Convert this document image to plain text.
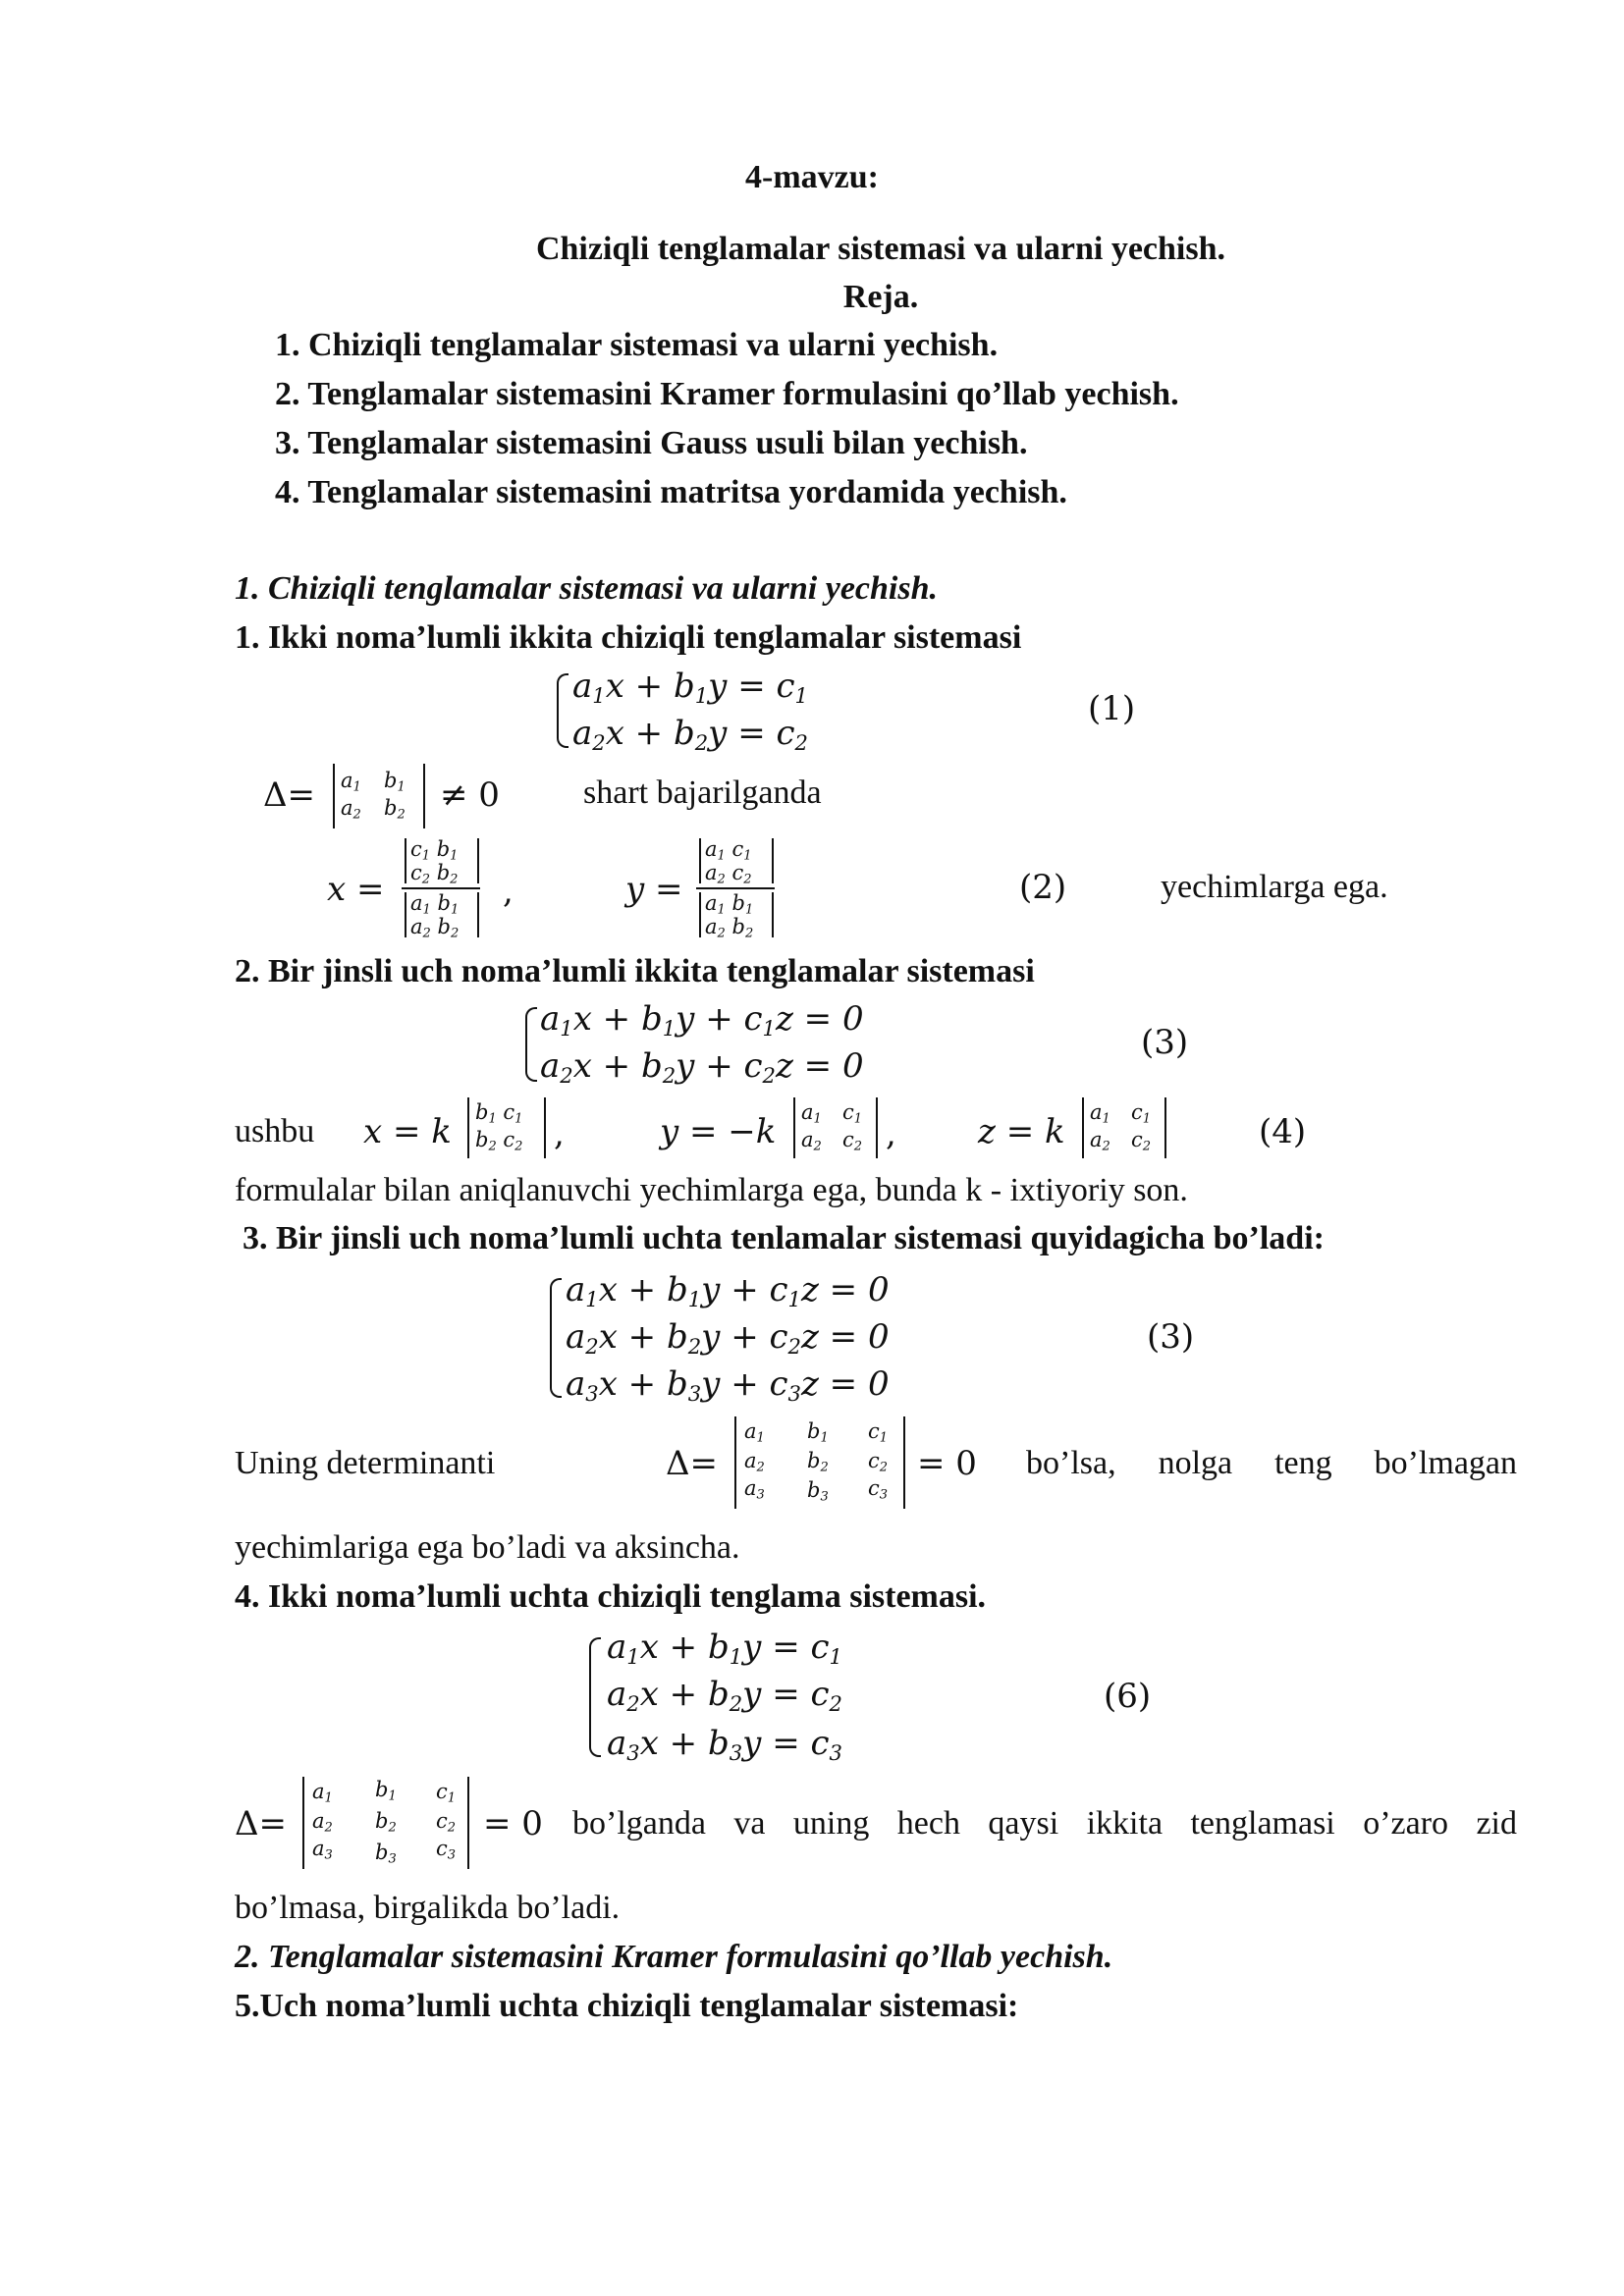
4-mavzu:
Chiziqli tenglamalar sistemasi va ularni yechish.
Reja.
1. Chiziqli tenglamalar sistemasi va ularni yechish.
2. Tenglamalar sistemasini Kramer formulasini qo’llab yechish.
3. Tenglamalar sistemasini Gauss usuli bilan yechish.
4. Tenglamalar sistemasini matritsa yordamida yechish.
1. Chiziqli tenglamalar sistemasi va ularni yechish.
1. Ikki noma’lumli ikkita chiziqli tenglamalar sistemasi
$a_1x + b_1y = c_1$
$a_2x + b_2y = c_2$
(1)
$\Delta= a_1$ $b_1$
$a_2$ $b_2$
≠ 0	shart bajarilganda
x =
$c_1$ $b_1$
$c_2$ $b_2$
$a_1$ $b_1$
$a_2$ $b_2$
,	y =
$a_1$ $c_1$
$a_2$ $c_2$
$a_1$ $b_1$
$a_2$ $b_2$
(2)	yechimlarga ega.
2. Bir jinsli uch noma’lumli ikkita tenglamalar sistemasi
$a_1x + b_1y + c_1z = 0$
$a_2x + b_2y + c_2z = 0$
(3)
ushbu x = k $b_1$ $c_1$
$b_2$ $c_2$ ,	y = −k $a_1$ $c_1$
$a_2$ $c_2$ , z = k $a_1$ $c_1$
$a_2$ $c_2$	(4)
formulalar bilan aniqlanuvchi yechimlarga ega, bunda k - ixtiyoriy son.
3. Bir jinsli uch noma’lumli uchta tenlamalar sistemasi quyidagicha bo’ladi:
$a_1x + b_1y + c_1z = 0$
$a_2x + b_2y + c_2z = 0$
$a_3x + b_3y + c_3z = 0$
(3)
Uning determinanti	Δ=
$a_1$ $b_1$ $c_1$
$a_2$ $b_2$ $c_2$
$a_3$ $b_3$ $c_3$
= 0 bo’lsa, nolga teng bo’lmagan
yechimlariga ega bo’ladi va aksincha.
4. Ikki noma’lumli uchta chiziqli tenglama sistemasi.
$a_1x + b_1y = c_1$
$a_2x + b_2y = c_2$
$a_3x + b_3y = c_3$
(6)
Δ=
$a_1$ $b_1$ $c_1$
$a_2$ $b_2$ $c_2$
$a_3$ $b_3$ $c_3$
= 0 bo’lganda va uning hech qaysi ikkita tenglamasi o’zaro zid
bo’lmasa, birgalikda bo’ladi.
2. Tenglamalar sistemasini Kramer formulasini qo’llab yechish.
5.Uch noma’lumli uchta chiziqli tenglamalar sistemasi:
